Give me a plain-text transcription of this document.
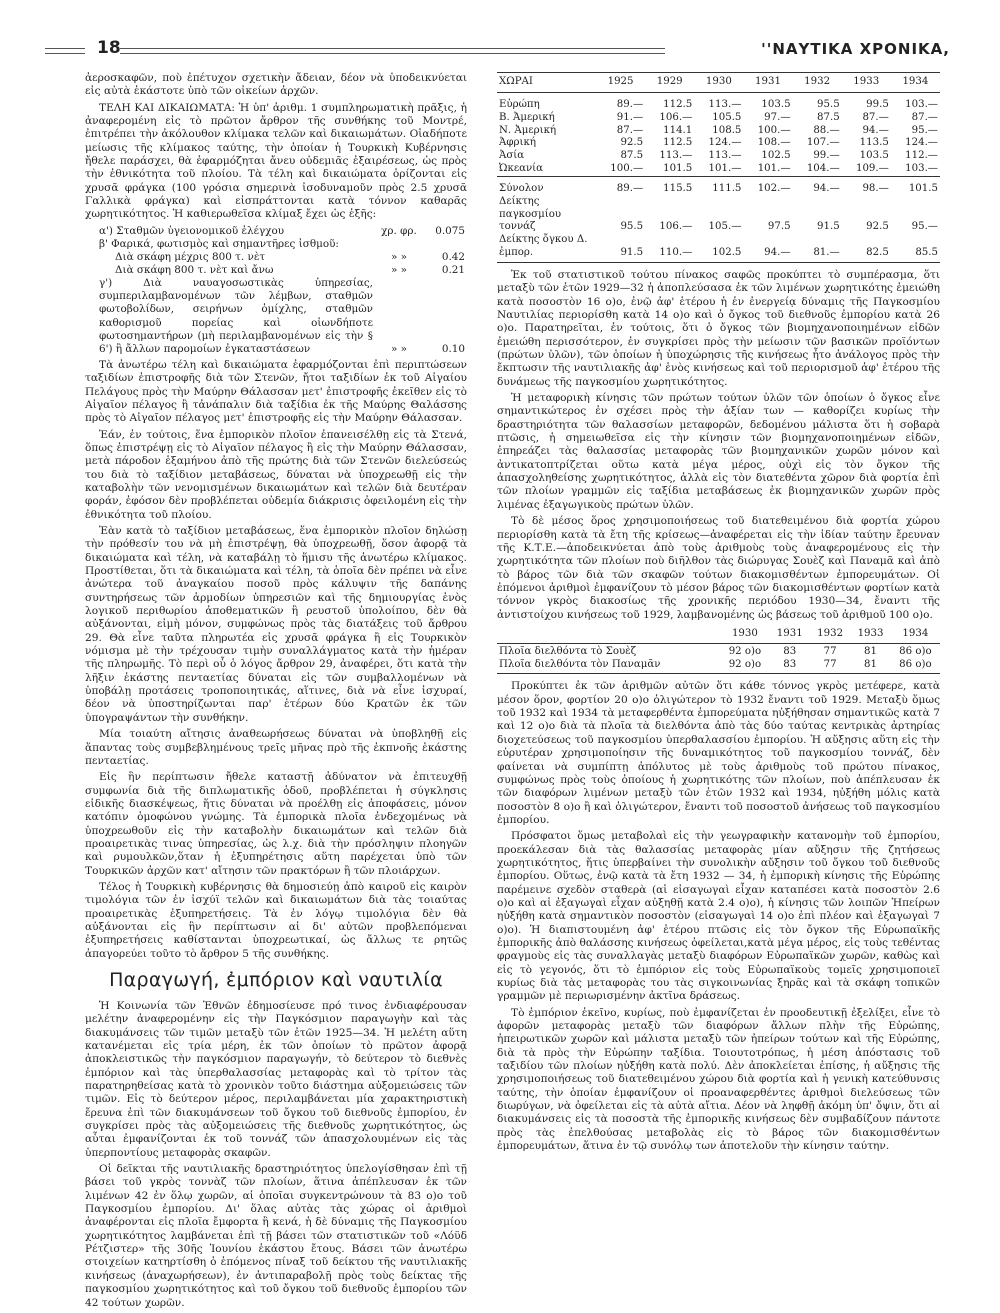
18	''ΝΑΥΤΙΚΑ ΧΡΟΝΙΚΑ,

ἀεροσκαφῶν, ποὺ ἐπέτυχον σχετικὴν ἄδειαν, δέον νὰ ὑποδεικνύεται εἰς αὐτὰ ἑκάστοτε ὑπὸ τῶν οἰκείων ἀρχῶν.

ΤΕΛΗ ΚΑΙ ΔΙΚΑΙΩΜΑΤΑ: Ἡ ὑπ' ἀριθμ. 1 συμπληρωματικὴ πρᾶξις, ἡ ἀναφερομένη εἰς τὸ πρῶτον ἄρθρον τῆς συνθήκης τοῦ Μοντρέ, ἐπιτρέπει τὴν ἀκόλουθον κλίμακα τελῶν καὶ δικαιωμάτων. Οἱαδήποτε μείωσις τῆς κλίμακος ταύτης, τὴν ὁποίαν ἡ Τουρκικὴ Κυβέρνησις ἤθελε παράσχει, θὰ ἐφαρμόζηται ἄνευ οὐδεμιᾶς ἐξαιρέσεως, ὡς πρὸς τὴν ἐθνικότητα τοῦ πλοίου. Τὰ τέλη καὶ δικαιώματα ὁρίζονται εἰς χρυσᾶ φράγκα (100 γρόσια σημερινὰ ἰσοδυναμοῦν πρὸς 2.5 χρυσᾶ Γαλλικὰ φράγκα) καὶ εἰσπράττονται κατὰ τόννον καθαρᾶς χωρητικότητος. Ἡ καθιερωθεῖσα κλίμαξ ἔχει ὡς ἑξῆς:

α') Σταθμῶν ὑγειονομικοῦ ἐλέγχου	χρ. φρ.	0.075
β' Φαρικά, φωτισμὸς καὶ σημαντῆρες ἰσθμοῦ:		
Διὰ σκάφη μέχρις 800 τ. νὲτ	» »	0.42
Διὰ σκάφη 800 τ. νὲτ καὶ ἄνω	» »	0.21
γ') Διὰ ναυαγοσωστικὰς ὑπηρεσίας, συμπεριλαμβανομένων τῶν λέμβων, σταθμῶν φωτοβολίδων, σειρήνων ὁμίχλης, σταθμῶν καθορισμοῦ πορείας καὶ οἱωνδήποτε φωτοσημαντήρων (μὴ περιλαμβανομένων εἰς τὴν § 6') ἢ ἄλλων παρομοίων ἐγκαταστάσεων	» »	0.10

Τὰ ἀνωτέρω τέλη καὶ δικαιώματα ἐφαρμόζονται ἐπὶ περιπτώσεων ταξιδίων ἐπιστροφῆς διὰ τῶν Στενῶν, ἤτοι ταξιδίων ἐκ τοῦ Αἰγαίου Πελάγους πρὸς τὴν Μαύρην Θάλασσαν μετ' ἐπιστροφῆς ἐκεῖθεν εἰς τὸ Αἰγαῖον πέλαγος ἢ τἀνάπαλιν διὰ ταξίδια ἐκ τῆς Μαύρης Θαλάσσης πρὸς τὸ Αἰγαῖον πέλαγος μετ' ἐπιστροφῆς εἰς τὴν Μαύρην Θάλασσαν.

Ἐάν, ἐν τούτοις, ἕνα ἐμπορικὸν πλοῖον ἐπανεισέλθῃ εἰς τὰ Στενά, ὅπως ἐπιστρέψῃ εἰς τὸ Αἰγαῖον πέλαγος ἢ εἰς τὴν Μαύρην Θάλασσαν, μετὰ πάροδον ἑξαμήνου ἀπὸ τῆς πρώτης διὰ τῶν Στενῶν διελεύσεώς του διὰ τὸ ταξίδιον μεταβάσεως, δύναται νὰ ὑποχρεωθῇ εἰς τὴν καταβολὴν τῶν νενομισμένων δικαιωμάτων καὶ τελῶν διὰ δευτέραν φοράν, ἐφόσον δὲν προβλέπεται οὐδεμία διάκρισις ὀφειλομένη εἰς τὴν ἐθνικότητα τοῦ πλοίου.

Ἐὰν κατὰ τὸ ταξίδιον μεταβάσεως, ἕνα ἐμπορικὸν πλοῖον δηλώσῃ τὴν πρόθεσίν του νὰ μὴ ἐπιστρέψῃ, θὰ ὑποχρεωθῇ, ὅσον ἀφορᾷ τὰ δικαιώματα καὶ τέλη, νὰ καταβάλῃ τὸ ἥμισυ τῆς ἀνωτέρω κλίμακος. Προστίθεται, ὅτι τὰ δικαιώματα καὶ τέλη, τὰ ὁποῖα δὲν πρέπει νὰ εἶνε ἀνώτερα τοῦ ἀναγκαίου ποσοῦ πρὸς κάλυψιν τῆς δαπάνης συντηρήσεως τῶν ἁρμοδίων ὑπηρεσιῶν καὶ τῆς δημιουργίας ἑνὸς λογικοῦ περιθωρίου ἀποθεματικῶν ἢ ρευστοῦ ὑπολοίπου, δὲν θὰ αὐξάνονται, εἰμὴ μόνον, συμφώνως πρὸς τὰς διατάξεις τοῦ ἄρθρου 29. Θὰ εἶνε ταῦτα πληρωτέα εἰς χρυσᾶ φράγκα ἢ εἰς Τουρκικὸν νόμισμα μὲ τὴν τρέχουσαν τιμὴν συναλλάγματος κατὰ τὴν ἡμέραν τῆς πληρωμῆς. Τὸ περὶ οὗ ὁ λόγος ἄρθρον 29, ἀναφέρει, ὅτι κατὰ τὴν λῆξιν ἑκάστης πενταετίας δύναται εἰς τῶν συμβαλλομένων νὰ ὑποβάλῃ προτάσεις τροποποιητικάς, αἵτινες, διὰ νὰ εἶνε ἰσχυραί, δέον νὰ ὑποστηρίζωνται παρ' ἑτέρων δύο Κρατῶν ἐκ τῶν ὑπογραψάντων τὴν συνθήκην.

Μία τοιαύτη αἴτησις ἀναθεωρήσεως δύναται νὰ ὑποβληθῇ εἰς ἅπαντας τοὺς συμβεβλημένους τρεῖς μῆνας πρὸ τῆς ἐκπνοῆς ἑκάστης πενταετίας.

Εἰς ἣν περίπτωσιν ἤθελε καταστῇ ἀδύνατον νὰ ἐπιτευχθῇ συμφωνία διὰ τῆς διπλωματικῆς ὁδοῦ, προβλέπεται ἡ σύγκλησις εἰδικῆς διασκέψεως, ἥτις δύναται νὰ προέλθῃ εἰς ἀποφάσεις, μόνον κατόπιν ὁμοφώνου γνώμης. Τὰ ἐμπορικὰ πλοῖα ἐνδεχομένως νὰ ὑποχρεωθοῦν εἰς τὴν καταβολὴν δικαιωμάτων καὶ τελῶν διὰ προαιρετικὰς τινας ὑπηρεσίας, ὡς λ.χ. διὰ τὴν πρόσληψιν πλοηγῶν καὶ ρυμουλκῶν,ὅταν ἡ ἐξυπηρέτησις αὕτη παρέχεται ὑπὸ τῶν Τουρκικῶν ἀρχῶν κατ' αἴτησιν τῶν πρακτόρων ἢ τῶν πλοιάρχων.

Τέλος ἡ Τουρκικὴ κυβέρνησις θὰ δημοσιεύῃ ἀπὸ καιροῦ εἰς καιρὸν τιμολόγια τῶν ἐν ἰσχύϊ τελῶν καὶ δικαιωμάτων διὰ τὰς τοιαύτας προαιρετικὰς ἐξυπηρετήσεις. Τὰ ἐν λόγῳ τιμολόγια δὲν θὰ αὐξάνονται εἰς ἣν περίπτωσιν αἱ δι' αὐτῶν προβλεπόμεναι ἐξυπηρετήσεις καθίστανται ὑποχρεωτικαί, ὡς ἄλλως τε ρητῶς ἀπαγορεύει τοῦτο τὸ ἄρθρον 5 τῆς συνθήκης.

Παραγωγή, ἐμπόριον καὶ ναυτιλία

Ἡ Κοινωνία τῶν Ἐθνῶν ἐδημοσίευσε πρό τινος ἐνδιαφέρουσαν μελέτην ἀναφερομένην εἰς τὴν Παγκόσμιον παραγωγὴν καὶ τὰς διακυμάνσεις τῶν τιμῶν μεταξὺ τῶν ἐτῶν 1925—34. Ἡ μελέτη αὕτη κατανέμεται εἰς τρία μέρη, ἐκ τῶν ὁποίων τὸ πρῶτον ἀφορᾷ ἀποκλειστικῶς τὴν παγκόσμιον παραγωγήν, τὸ δεύτερον τὸ διεθνὲς ἐμπόριον καὶ τὰς ὑπερθαλασσίας μεταφορὰς καὶ τὸ τρίτον τὰς παρατηρηθείσας κατὰ τὸ χρονικὸν τοῦτο διάστημα αὐξομειώσεις τῶν τιμῶν. Εἰς τὸ δεύτερον μέρος, περιλαμβάνεται μία χαρακτηριστικὴ ἔρευνα ἐπὶ τῶν διακυμάνσεων τοῦ ὄγκου τοῦ διεθνοῦς ἐμπορίου, ἐν συγκρίσει πρὸς τὰς αὐξομειώσεις τῆς διεθνοῦς χωρητικότητος, ὡς αὗται ἐμφανίζονται ἐκ τοῦ τοννάζ τῶν ἀπασχολουμένων εἰς τὰς ὑπερποντίους μεταφορὰς σκαφῶν.

Οἱ δεῖκται τῆς ναυτιλιακῆς δραστηριότητος ὑπελογίσθησαν ἐπὶ τῇ βάσει τοῦ γκρὸς τοννὰζ τῶν πλοίων, ἅτινα ἀπέπλευσαν ἐκ τῶν λιμένων 42 ἐν ὅλῳ χωρῶν, αἱ ὁποῖαι συγκεντρώνουν τὰ 83 ο)ο τοῦ Παγκοσμίου ἐμπορίου. Δι' ὅλας αὐτὰς τὰς χώρας οἱ ἀριθμοὶ ἀναφέρονται εἰς πλοῖα ἔμφορτα ἢ κενά, ἡ δὲ δύναμις τῆς Παγκοσμίου χωρητικότητος λαμβάνεται ἐπὶ τῇ βάσει τῶν στατιστικῶν τοῦ «Λόϋδ Ρέτζιστερ» τῆς 30ῆς Ἰουνίου ἑκάστου ἔτους. Βάσει τῶν ἀνωτέρω στοιχείων κατηρτίσθη ὁ ἑπόμενος πίναξ τοῦ δείκτου τῆς ναυτιλιακῆς κινήσεως (ἀναχωρήσεων), ἐν ἀντιπαραβολῇ πρὸς τοὺς δείκτας τῆς παγκοσμίου χωρητικότητος καὶ τοῦ ὄγκου τοῦ διεθνοῦς ἐμπορίου τῶν 42 τούτων χωρῶν.

ΧΩΡΑΙ	1925	1929	1930	1931	1932	1933	1934

Εὐρώπη	89.—	112.5	113.—	103.5	95.5	99.5	103.—
Β. Ἀμερική	91.—	106.—	105.5	97.—	87.5	87.—	87.—
Ν. Ἀμερική	87.—	114.1	108.5	100.—	88.—	94.—	95.—
Ἀφρική	92.5	112.5	124.—	108.—	107.—	113.5	124.—
Ἀσία	87.5	113.—	113.—	102.5	99.—	103.5	112.—
Ὠκεανία	100.—	101.5	101.—	101.—	104.—	109.—	103.—

Σύνολον	89.—	115.5	111.5	102.—	94.—	98.—	101.5
Δείκτης παγκοσμίου τοννάζ	95.5	106.—	105.—	97.5	91.5	92.5	95.—
Δείκτης ὄγκου Δ. ἐμπορ.	91.5	110.—	102.5	94.—	81.—	82.5	85.5

Ἐκ τοῦ στατιστικοῦ τούτου πίνακος σαφῶς προκύπτει τὸ συμπέρασμα, ὅτι μεταξὺ τῶν ἐτῶν 1929—32 ἡ ἀποπλεύσασα ἐκ τῶν λιμένων χωρητικότης ἐμειώθη κατὰ ποσοστὸν 16 ο)ο, ἐνῷ ἀφ' ἑτέρου ἡ ἐν ἐνεργείᾳ δύναμις τῆς Παγκοσμίου Ναυτιλίας περιορίσθη κατὰ 14 ο)ο καὶ ὁ ὄγκος τοῦ διεθνοῦς ἐμπορίου κατὰ 26 ο)ο. Παρατηρεῖται, ἐν τούτοις, ὅτι ὁ ὄγκος τῶν βιομηχανοποιημένων εἰδῶν ἐμειώθη περισσότερον, ἐν συγκρίσει πρὸς τὴν μείωσιν τῶν βασικῶν προϊόντων (πρώτων ὑλῶν), τῶν ὁποίων ἡ ὑποχώρησις τῆς κινήσεως ἦτο ἀνάλογος πρὸς τὴν ἔκπτωσιν τῆς ναυτιλιακῆς ἀφ' ἑνὸς κινήσεως καὶ τοῦ περιορισμοῦ ἀφ' ἑτέρου τῆς δυνάμεως τῆς παγκοσμίου χωρητικότητος.

Ἡ μεταφορικὴ κίνησις τῶν πρώτων τούτων ὑλῶν τῶν ὁποίων ὁ ὄγκος εἶνε σημαντικώτερος ἐν σχέσει πρὸς τὴν ἀξίαν των — καθορίζει κυρίως τὴν δραστηριότητα τῶν θαλασσίων μεταφορῶν, δεδομένου μάλιστα ὅτι ἡ σοβαρὰ πτῶσις, ἡ σημειωθεῖσα εἰς τὴν κίνησιν τῶν βιομηχανοποιημένων εἰδῶν, ἐπηρεάζει τὰς θαλασσίας μεταφορὰς τῶν βιομηχανικῶν χωρῶν μόνον καὶ ἀντικατοπτρίζεται οὕτω κατὰ μέγα μέρος, οὐχὶ εἰς τὸν ὄγκον τῆς ἀπασχοληθείσης χωρητικότητος, ἀλλὰ εἰς τὸν διατεθέντα χῶρον διὰ φορτία ἐπὶ τῶν πλοίων γραμμῶν εἰς ταξίδια μεταβάσεως ἐκ βιομηχανικῶν χωρῶν πρὸς λιμένας ἐξαγωγικοὺς πρώτων ὑλῶν.

Τὸ δὲ μέσος ὅρος χρησιμοποιήσεως τοῦ διατεθειμένου διὰ φορτία χώρου περιορίσθη κατὰ τὰ ἔτη τῆς κρίσεως—ἀναφέρεται εἰς τὴν ἰδίαν ταύτην ἔρευναν τῆς Κ.Τ.Ε.—ἀποδεικνύεται ἀπὸ τοὺς ἀριθμοὺς τοὺς ἀναφερομένους εἰς τὴν χωρητικότητα τῶν πλοίων ποὺ διῆλθον τὰς διώρυγας Σουὲζ καὶ Παναμᾶ καὶ ἀπὸ τὸ βάρος τῶν διὰ τῶν σκαφῶν τούτων διακομισθέντων ἐμπορευμάτων. Οἱ ἑπόμενοι ἀριθμοὶ ἐμφανίζουν τὸ μέσον βάρος τῶν διακομισθέντων φορτίων κατὰ τόννον γκρὸς διακοσίως τῆς χρονικῆς περιόδου 1930—34, ἔναντι τῆς ἀντιστοίχου κινήσεως τοῦ 1929, λαμβανομένης ὡς βάσεως τοῦ ἀριθμοῦ 100 ο)ο.

	1930	1931	1932	1933	1934
Πλοῖα διελθόντα τὸ Σουὲζ	92 ο)ο	83	77	81	86 ο)ο
Πλοῖα διελθόντα τὸν Παναμᾶν	92 ο)ο	83	77	81	86 ο)ο

Προκύπτει ἐκ τῶν ἀριθμῶν αὐτῶν ὅτι κάθε τόννος γκρὸς μετέφερε, κατὰ μέσον ὅρον, φορτίον 20 ο)ο ὀλιγώτερον τὸ 1932 ἔναντι τοῦ 1929. Μεταξὺ ὅμως τοῦ 1932 καὶ 1934 τὰ μεταφερθέντα ἐμπορεύματα ηὐξήθησαν σημαντικῶς κατὰ 7 καὶ 12 ο)ο διὰ τὰ πλοῖα τὰ διελθόντα ἀπὸ τὰς δύο ταύτας κεντρικὰς ἀρτηρίας διοχετεύσεως τοῦ παγκοσμίου ὑπερθαλασσίου ἐμπορίου. Ἡ αὔξησις αὕτη εἰς τὴν εὐρυτέραν χρησιμοποίησιν τῆς δυναμικότητος τοῦ παγκοσμίου τοννάζ, δὲν φαίνεται νὰ συμπίπτῃ ἀπόλυτος μὲ τοὺς ἀριθμοὺς τοῦ πρώτου πίνακος, συμφώνως πρὸς τοὺς ὁποίους ἡ χωρητικότης τῶν πλοίων, ποὺ ἀπέπλευσαν ἐκ τῶν διαφόρων λιμένων μεταξὺ τῶν ἐτῶν 1932 καὶ 1934, ηὐξήθη μόλις κατὰ ποσοστὸν 8 ο)ο ἢ καὶ ὀλιγώτερον, ἔναντι τοῦ ποσοστοῦ ἀνήσεως τοῦ παγκοσμίου ἐμπορίου.

Πρόσφατοι ὅμως μεταβολαὶ εἰς τὴν γεωγραφικὴν κατανομὴν τοῦ ἐμπορίου, προεκάλεσαν διὰ τὰς θαλασσίας μεταφορὰς μίαν αὔξησιν τῆς ζητήσεως χωρητικότητος, ἥτις ὑπερβαίνει τὴν συνολικὴν αὔξησιν τοῦ ὄγκου τοῦ διεθνοῦς ἐμπορίου. Οὕτως, ἐνῷ κατὰ τὰ ἔτη 1932 — 34, ἡ ἐμπορικὴ κίνησις τῆς Εὐρώπης παρέμεινε σχεδὸν σταθερὰ (αἱ εἰσαγωγαὶ εἶχαν καταπέσει κατὰ ποσοστὸν 2.6 ο)ο καὶ αἱ ἐξαγωγαὶ εἶχαν αὐξηθῇ κατὰ 2.4 ο)ο), ἡ κίνησις τῶν λοιπῶν Ἠπείρων ηὐξήθη κατὰ σημαντικὸν ποσοστὸν (εἰσαγωγαὶ 14 ο)ο ἐπὶ πλέον καὶ ἐξαγωγαὶ 7 ο)ο). Ἡ διαπιστουμένη ἀφ' ἑτέρου πτῶσις εἰς τὸν ὄγκον τῆς Εὐρωπαϊκῆς ἐμπορικῆς ἀπὸ θαλάσσης κινήσεως ὀφείλεται,κατὰ μέγα μέρος, εἰς τοὺς τεθέντας φραγμοὺς εἰς τὰς συναλλαγὰς μεταξὺ διαφόρων Εὐρωπαϊκῶν χωρῶν, καθὼς καὶ εἰς τὸ γεγονός, ὅτι τὸ ἐμπόριον εἰς τοὺς Εὐρωπαϊκοὺς τομεῖς χρησιμοποιεῖ κυρίως διὰ τὰς μεταφορὰς του τὰς σιγκοινωνίας ξηρᾶς καὶ τὰ σκάφη τοπικῶν γραμμῶν μὲ περιωρισμένην ἀκτῖνα δράσεως.

Τὸ ἐμπόριον ἐκεῖνο, κυρίως, ποὺ ἐμφανίζεται ἐν προοδευτικῇ ἐξελίξει, εἶνε τὸ ἀφορῶν μεταφορὰς μεταξὺ τῶν διαφόρων ἄλλων πλὴν τῆς Εὐρώπης, ἠπειρωτικῶν χωρῶν καὶ μάλιστα μεταξὺ τῶν ἠπείρων τούτων καὶ τῆς Εὐρώπης, διὰ τὰ πρὸς τὴν Εὐρώπην ταξίδια. Τοιουτοτρόπως, ἡ μέση ἀπόστασις τοῦ ταξιδίου τῶν πλοίων ηὐξήθη κατὰ πολύ. Δὲν ἀποκλείεται ἐπίσης, ἡ αὔξησις τῆς χρησιμοποιήσεως τοῦ διατεθειμένου χώρου διὰ φορτία καὶ ἡ γενικὴ κατεύθυνσις ταύτης, τὴν ὁποίαν ἐμφανίζουν οἱ προαναφερθέντες ἀριθμοὶ διελεύσεως τῶν διωρύγων, νὰ ὀφείλεται εἰς τὰ αὐτὰ αἴτια. Δέον νὰ ληφθῇ ἀκόμη ὑπ' ὄψιν, ὅτι αἱ διακυμάνσεις εἰς τὰ ποσοστὰ τῆς ἐμπορικῆς κινήσεως δὲν συμβαδίζουν πάντοτε πρὸς τὰς ἐπελθούσας μεταβολὰς εἰς τὸ βάρος τῶν διακομισθέντων ἐμπορευμάτων, ἅτινα ἐν τῷ συνόλῳ των ἀποτελοῦν τὴν κίνησιν ταύτην.
